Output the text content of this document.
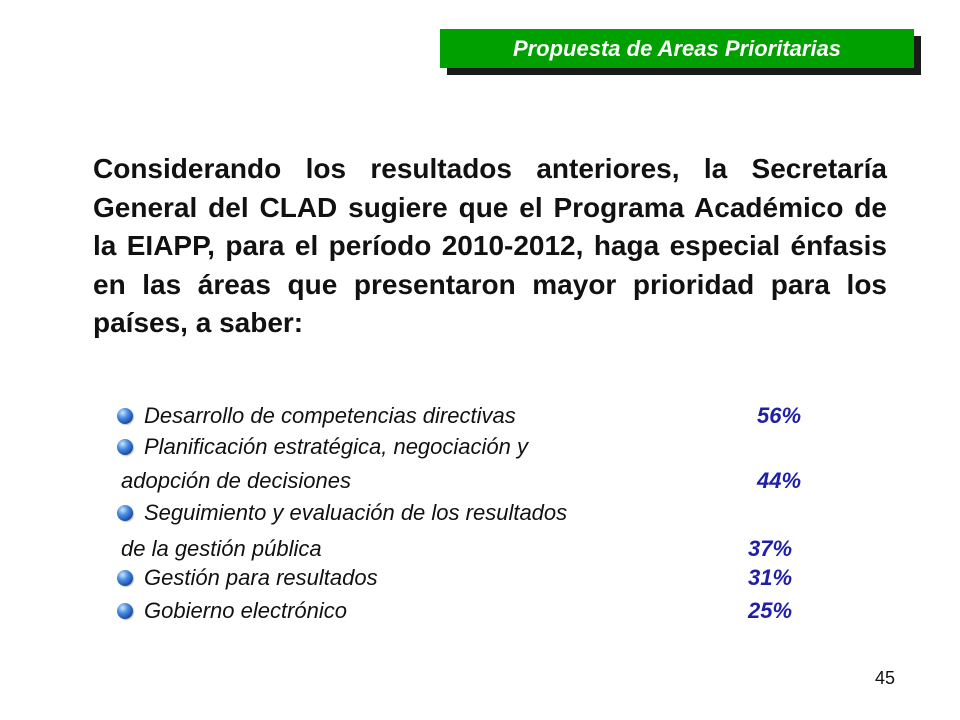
Propuesta de Areas Prioritarias

Considerando los resultados anteriores, la Secretaría General del CLAD sugiere que el Programa Académico de la EIAPP, para el período 2010-2012, haga especial énfasis en las áreas que presentaron mayor prioridad para los países, a saber:

Desarrollo de competencias directivas	56%
Planificación estratégica, negociación y
adopción de decisiones	44%
Seguimiento y evaluación de los resultados
de la gestión pública	37%
Gestión para resultados	31%
Gobierno electrónico	25%
45
